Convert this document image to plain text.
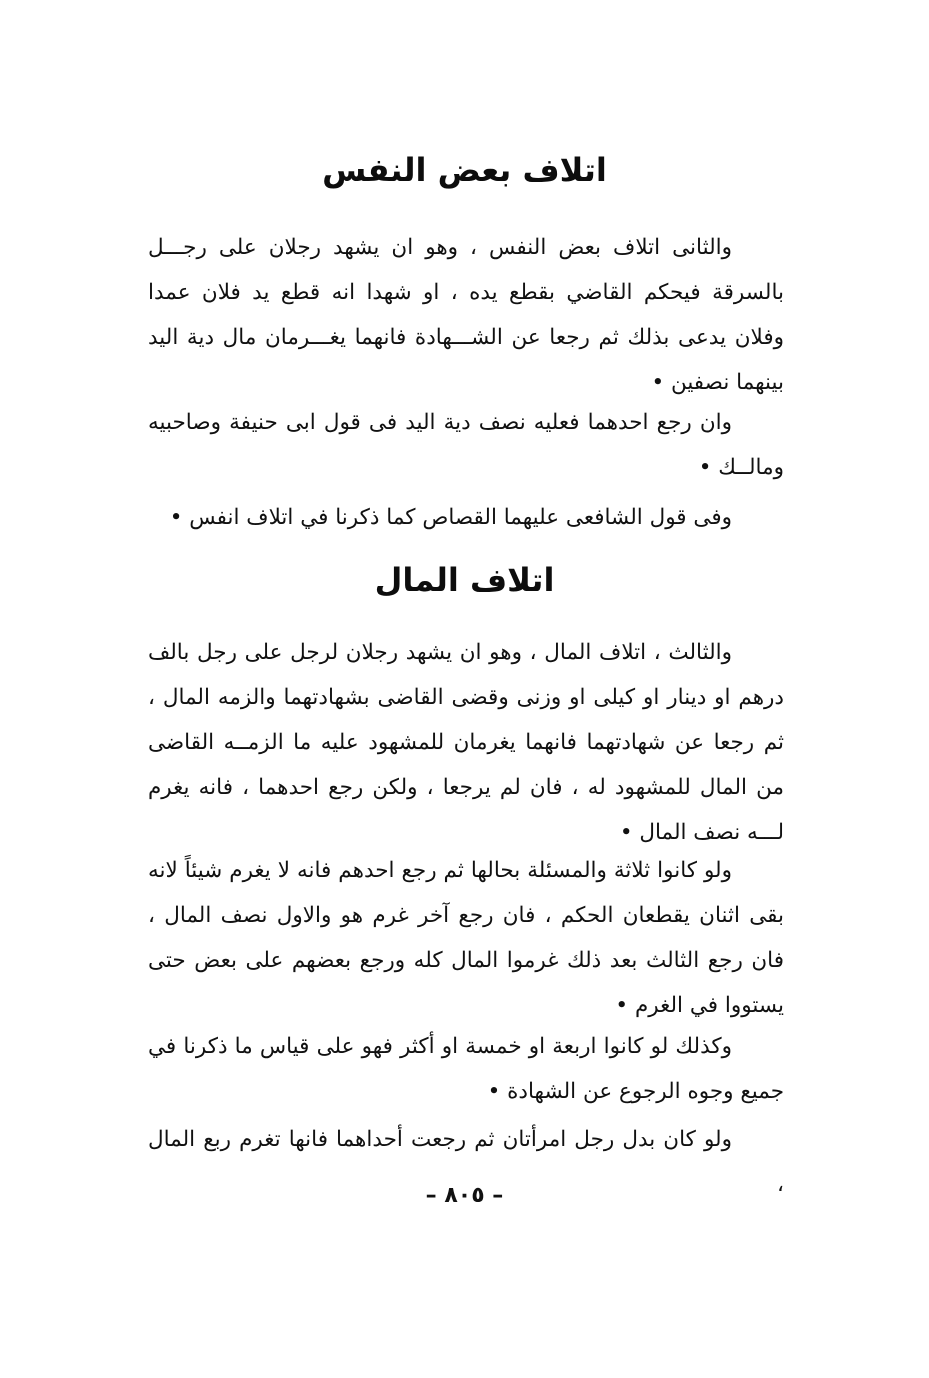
اتلاف بعض النفس

والثانى اتلاف بعض النفس ، وهو ان يشهد رجلان على رجـــل بالسرقة فيحكم القاضي بقطع يده ، او شهدا انه قطع يد فلان عمدا وفلان يدعى بذلك ثم رجعا عن الشـــهادة فانهما يغـــرمان مال دية اليد بينهما نصفين •

وان رجع احدهما فعليه نصف دية اليد فى قول ابى حنيفة وصاحبيه ومالــك •

وفى قول الشافعى عليهما القصاص كما ذكرنا في اتلاف انفس •

اتلاف المال

والثالث ، اتلاف المال ، وهو ان يشهد رجلان لرجل على رجل بالف درهم او دينار او كيلى او وزنى وقضى القاضى بشهادتهما والزمه المال ، ثم رجعا عن شهادتهما فانهما يغرمان للمشهود عليه ما الزمــه القاضى من المال للمشهود له ، فان لم يرجعا ، ولكن رجع احدهما ، فانه يغرم لـــه نصف المال •

ولو كانوا ثلاثة والمسئلة بحالها ثم رجع احدهم فانه لا يغرم شيئاً لانه بقى اثنان يقطعان الحكم ، فان رجع آخر غرم هو والاول نصف المال ، فان رجع الثالث بعد ذلك غرموا المال كله ورجع بعضهم على بعض حتى يستووا في الغرم •

وكذلك لو كانوا اربعة او خمسة او أكثر فهو على قياس ما ذكرنا في جميع وجوه الرجوع عن الشهادة •

ولو كان بدل رجل امرأتان ثم رجعت أحداهما فانها تغرم ربع المال ،

– ٨٠٥ –
